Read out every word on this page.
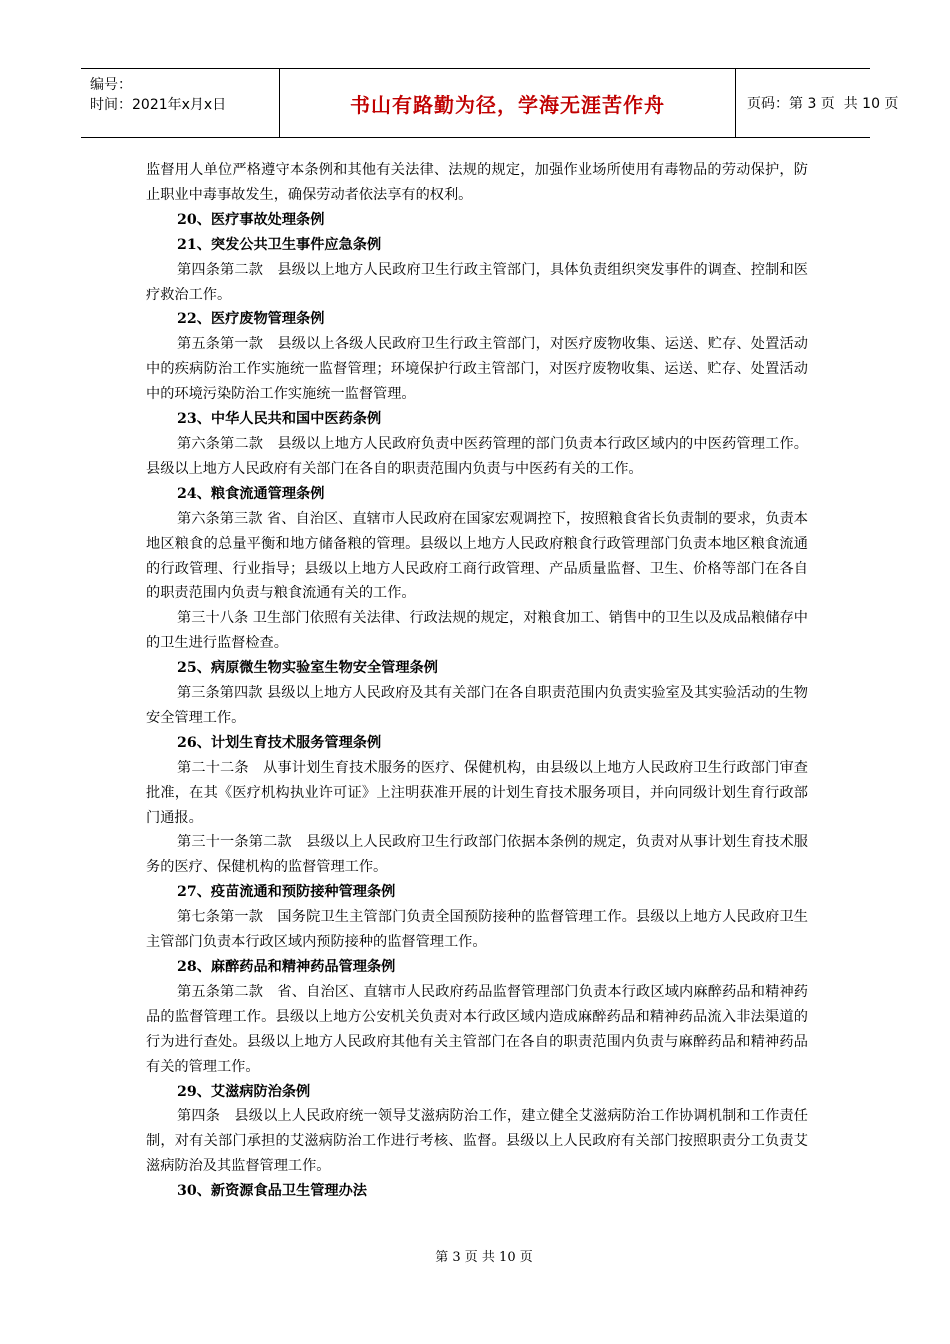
编号：
时间：2021年x月x日	书山有路勤为径，学海无涯苦作舟	页码：第 3 页  共 10 页

监督用人单位严格遵守本条例和其他有关法律、法规的规定，加强作业场所使用有毒物品的劳动保护，防止职业中毒事故发生，确保劳动者依法享有的权利。

20、医疗事故处理条例

21、突发公共卫生事件应急条例

第四条第二款　县级以上地方人民政府卫生行政主管部门，具体负责组织突发事件的调查、控制和医疗救治工作。

22、医疗废物管理条例

第五条第一款　县级以上各级人民政府卫生行政主管部门，对医疗废物收集、运送、贮存、处置活动中的疾病防治工作实施统一监督管理；环境保护行政主管部门，对医疗废物收集、运送、贮存、处置活动中的环境污染防治工作实施统一监督管理。

23、中华人民共和国中医药条例

第六条第二款　县级以上地方人民政府负责中医药管理的部门负责本行政区域内的中医药管理工作。县级以上地方人民政府有关部门在各自的职责范围内负责与中医药有关的工作。

24、粮食流通管理条例

第六条第三款 省、自治区、直辖市人民政府在国家宏观调控下，按照粮食省长负责制的要求，负责本地区粮食的总量平衡和地方储备粮的管理。县级以上地方人民政府粮食行政管理部门负责本地区粮食流通的行政管理、行业指导；县级以上地方人民政府工商行政管理、产品质量监督、卫生、价格等部门在各自的职责范围内负责与粮食流通有关的工作。

第三十八条 卫生部门依照有关法律、行政法规的规定，对粮食加工、销售中的卫生以及成品粮储存中的卫生进行监督检查。

25、病原微生物实验室生物安全管理条例

第三条第四款 县级以上地方人民政府及其有关部门在各自职责范围内负责实验室及其实验活动的生物安全管理工作。

26、计划生育技术服务管理条例

第二十二条　从事计划生育技术服务的医疗、保健机构，由县级以上地方人民政府卫生行政部门审查批准，在其《医疗机构执业许可证》上注明获准开展的计划生育技术服务项目，并向同级计划生育行政部门通报。

第三十一条第二款　县级以上人民政府卫生行政部门依据本条例的规定，负责对从事计划生育技术服务的医疗、保健机构的监督管理工作。

27、疫苗流通和预防接种管理条例

第七条第一款　国务院卫生主管部门负责全国预防接种的监督管理工作。县级以上地方人民政府卫生主管部门负责本行政区域内预防接种的监督管理工作。

28、麻醉药品和精神药品管理条例

第五条第二款　省、自治区、直辖市人民政府药品监督管理部门负责本行政区域内麻醉药品和精神药品的监督管理工作。县级以上地方公安机关负责对本行政区域内造成麻醉药品和精神药品流入非法渠道的行为进行查处。县级以上地方人民政府其他有关主管部门在各自的职责范围内负责与麻醉药品和精神药品有关的管理工作。

29、艾滋病防治条例

第四条　县级以上人民政府统一领导艾滋病防治工作，建立健全艾滋病防治工作协调机制和工作责任制，对有关部门承担的艾滋病防治工作进行考核、监督。县级以上人民政府有关部门按照职责分工负责艾滋病防治及其监督管理工作。

30、新资源食品卫生管理办法

第 3 页 共 10 页
